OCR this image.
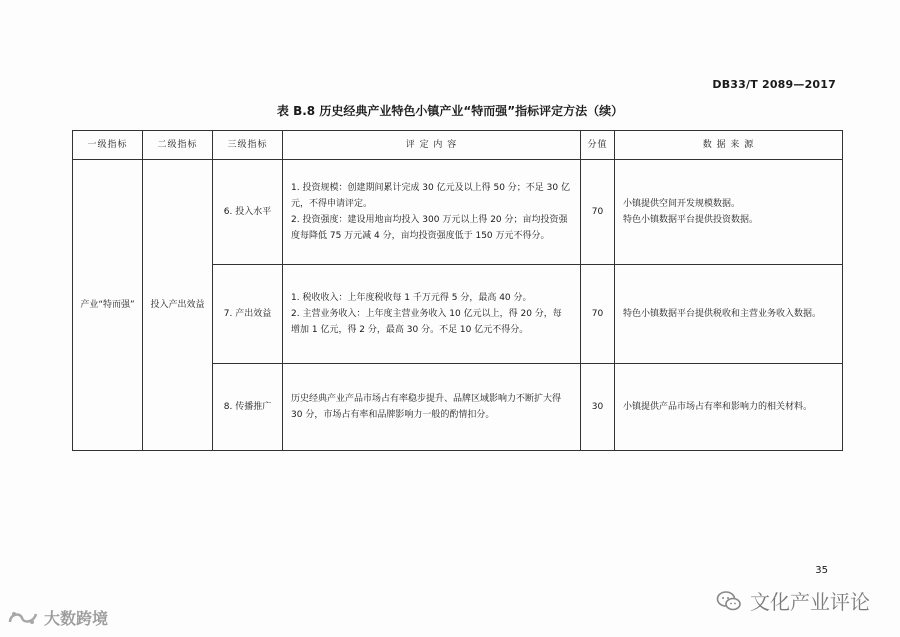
DB33/T 2089—2017
表 B.8 历史经典产业特色小镇产业“特而强”指标评定方法（续）
一级指标	二级指标	三级指标	评 定 内 容	分值	数 据 来 源
产业“特而强”	投入产出效益	6. 投入水平	1. 投资规模：创建期间累计完成 30 亿元及以上得 50 分；不足 30 亿
元，不得申请评定。
2. 投资强度：建设用地亩均投入 300 万元以上得 20 分；亩均投资强
度每降低 75 万元减 4 分，亩均投资强度低于 150 万元不得分。	70	小镇提供空间开发规模数据。
特色小镇数据平台提供投资数据。

		7. 产出效益	1. 税收收入：上年度税收每 1 千万元得 5 分，最高 40 分。
2. 主营业务收入：上年度主营业务收入 10 亿元以上，得 20 分，每
增加 1 亿元，得 2 分，最高 30 分。不足 10 亿元不得分。	70	特色小镇数据平台提供税收和主营业务收入数据。

		8. 传播推广	历史经典产业产品市场占有率稳步提升、品牌区域影响力不断扩大得
30 分，市场占有率和品牌影响力一般的酌情扣分。	30	小镇提供产品市场占有率和影响力的相关材料。
35
大数跨境
文化产业评论
